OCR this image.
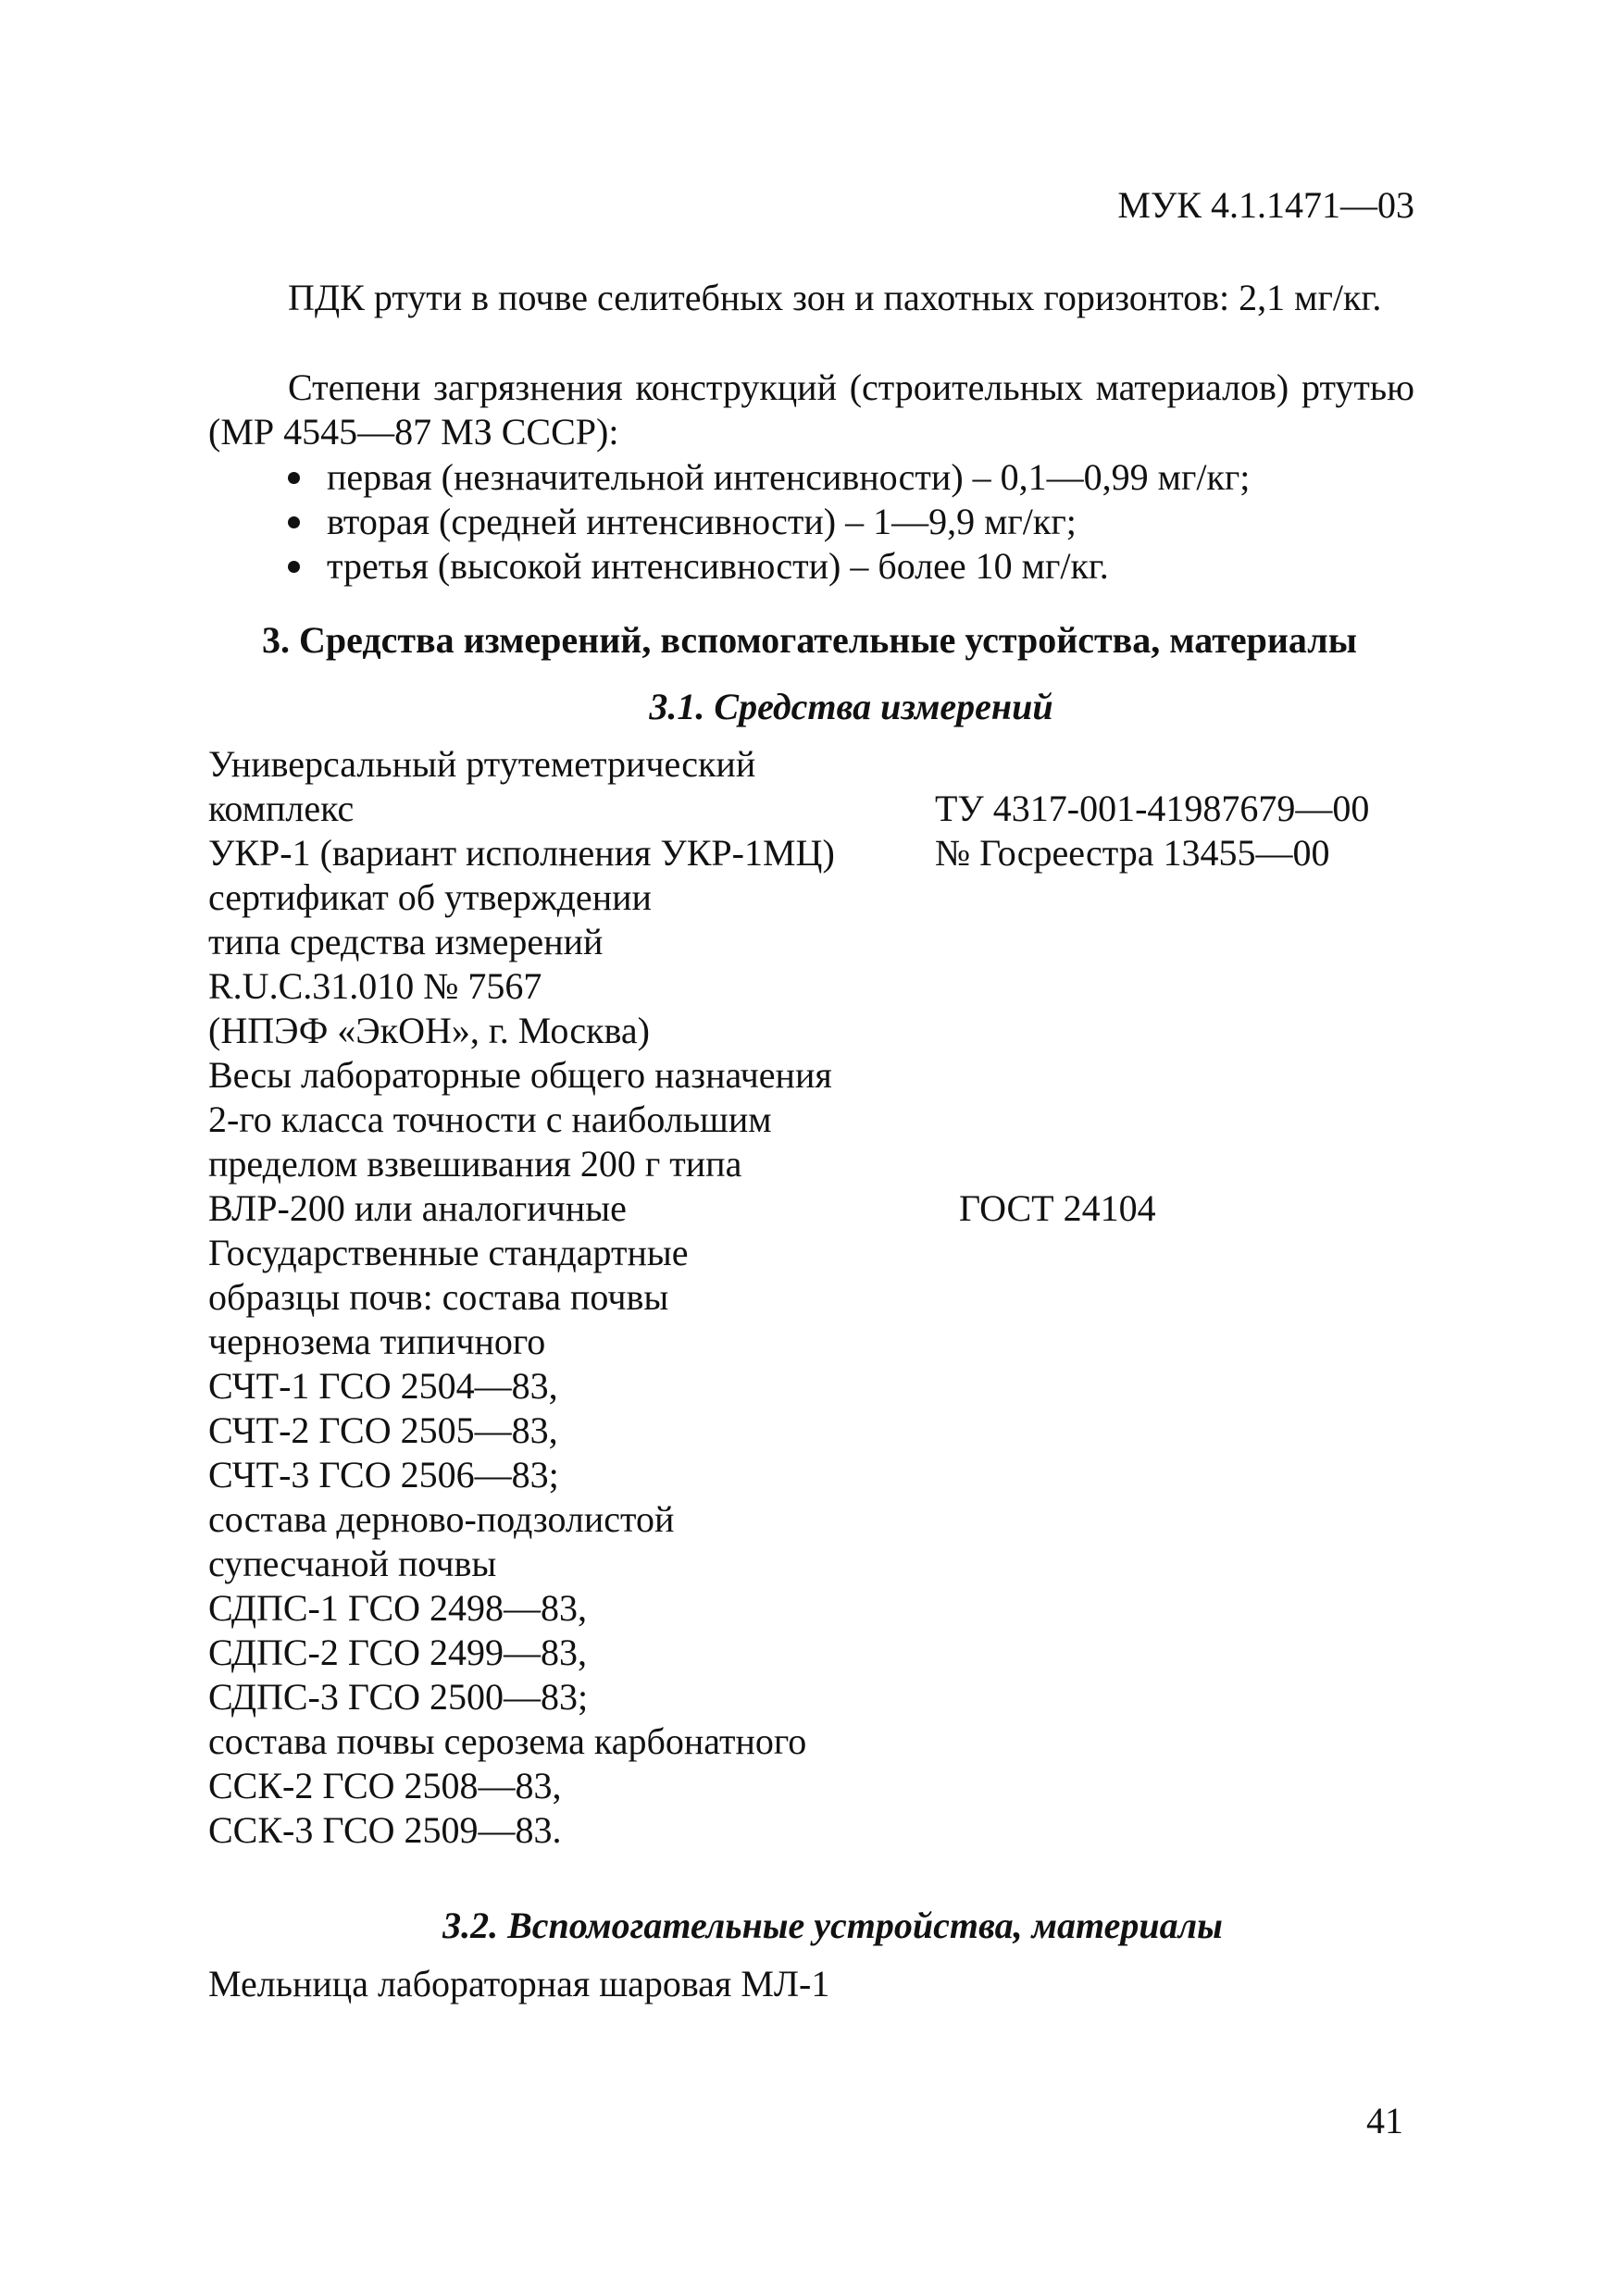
МУК 4.1.1471—03
ПДК ртути в почве селитебных зон и пахотных горизонтов: 2,1 мг/кг.
Степени загрязнения конструкций (строительных материалов) ртутью (МР 4545—87 МЗ СССР):
первая (незначительной интенсивности) – 0,1—0,99 мг/кг;
вторая (средней интенсивности) – 1—9,9 мг/кг;
третья (высокой интенсивности) – более 10 мг/кг.
3. Средства измерений, вспомогательные устройства, материалы
3.1. Средства измерений
Универсальный ртутеметрический
комплекс
УКР-1 (вариант исполнения УКР-1МЦ)
сертификат об утверждении
типа средства измерений
R.U.C.31.010 № 7567
(НПЭФ «ЭкОН», г. Москва)
Весы лабораторные общего назначения
2-го класса точности с наибольшим
пределом взвешивания 200 г типа
ВЛР-200 или аналогичные
Государственные стандартные
образцы почв: состава почвы
чернозема типичного
СЧТ-1 ГСО 2504—83,
СЧТ-2 ГСО 2505—83,
СЧТ-3 ГСО 2506—83;
состава дерново-подзолистой
супесчаной почвы
СДПС-1 ГСО 2498—83,
СДПС-2 ГСО 2499—83,
СДПС-3 ГСО 2500—83;
состава почвы серозема карбонатного
ССК-2 ГСО 2508—83,
ССК-3 ГСО 2509—83.
ТУ 4317-001-41987679—00
№ Госреестра 13455—00
ГОСТ 24104
3.2. Вспомогательные устройства, материалы
Мельница лабораторная шаровая МЛ-1
41
